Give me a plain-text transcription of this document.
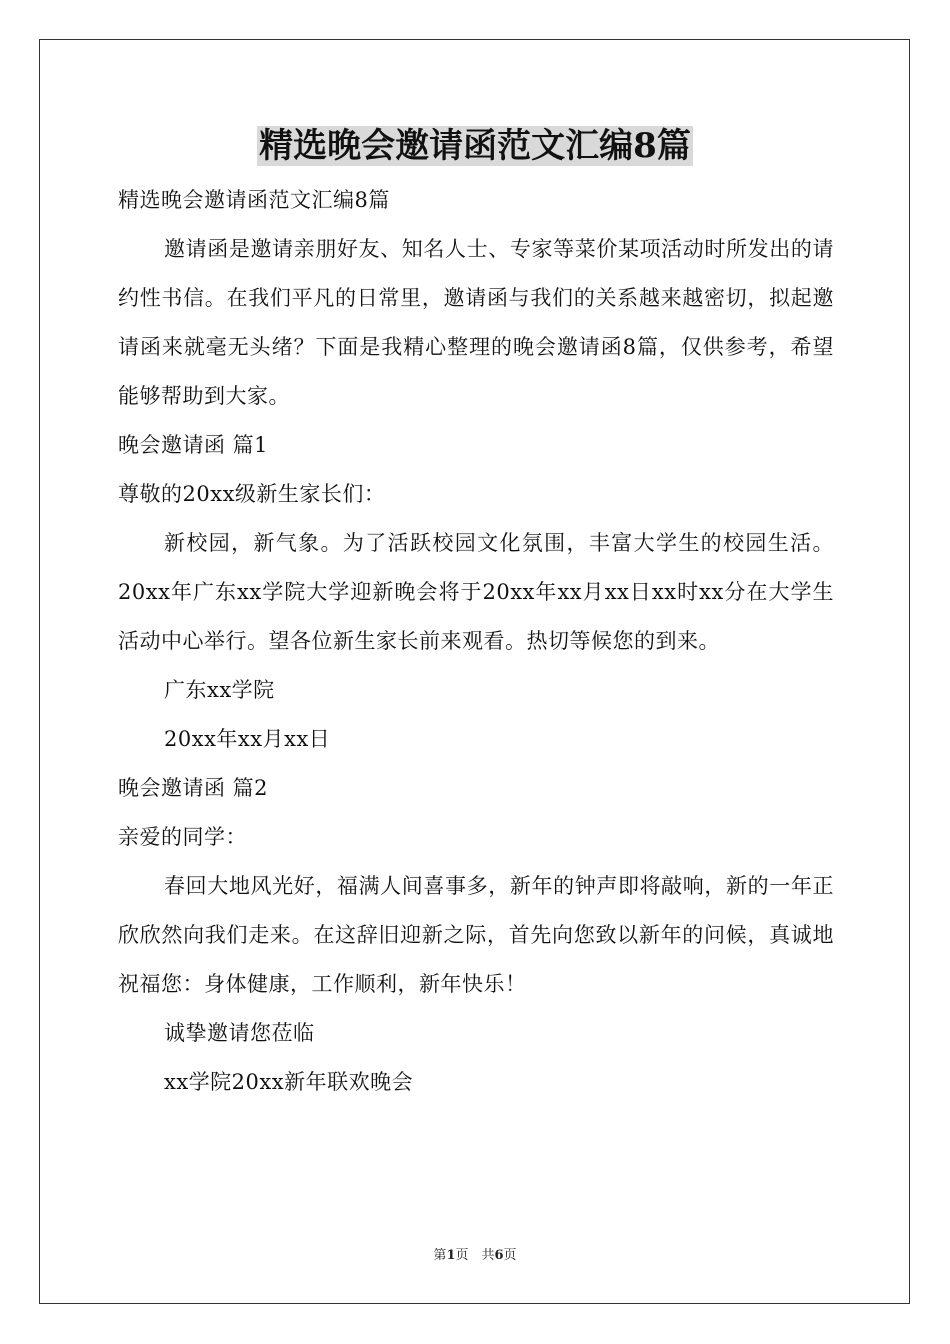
精选晚会邀请函范文汇编8篇

精选晚会邀请函范文汇编8篇

邀请函是邀请亲朋好友、知名人士、专家等菜价某项活动时所发出的请约性书信。在我们平凡的日常里，邀请函与我们的关系越来越密切，拟起邀请函来就毫无头绪？下面是我精心整理的晚会邀请函8篇，仅供参考，希望能够帮助到大家。

晚会邀请函 篇1

尊敬的20xx级新生家长们：

新校园，新气象。为了活跃校园文化氛围，丰富大学生的校园生活。20xx年广东xx学院大学迎新晚会将于20xx年xx月xx日xx时xx分在大学生活动中心举行。望各位新生家长前来观看。热切等候您的到来。

广东xx学院

20xx年xx月xx日

晚会邀请函 篇2

亲爱的同学：

春回大地风光好，福满人间喜事多，新年的钟声即将敲响，新的一年正欣欣然向我们走来。在这辞旧迎新之际，首先向您致以新年的问候，真诚地祝福您：身体健康，工作顺利，新年快乐！

诚挚邀请您莅临

xx学院20xx新年联欢晚会

第1页　共6页
